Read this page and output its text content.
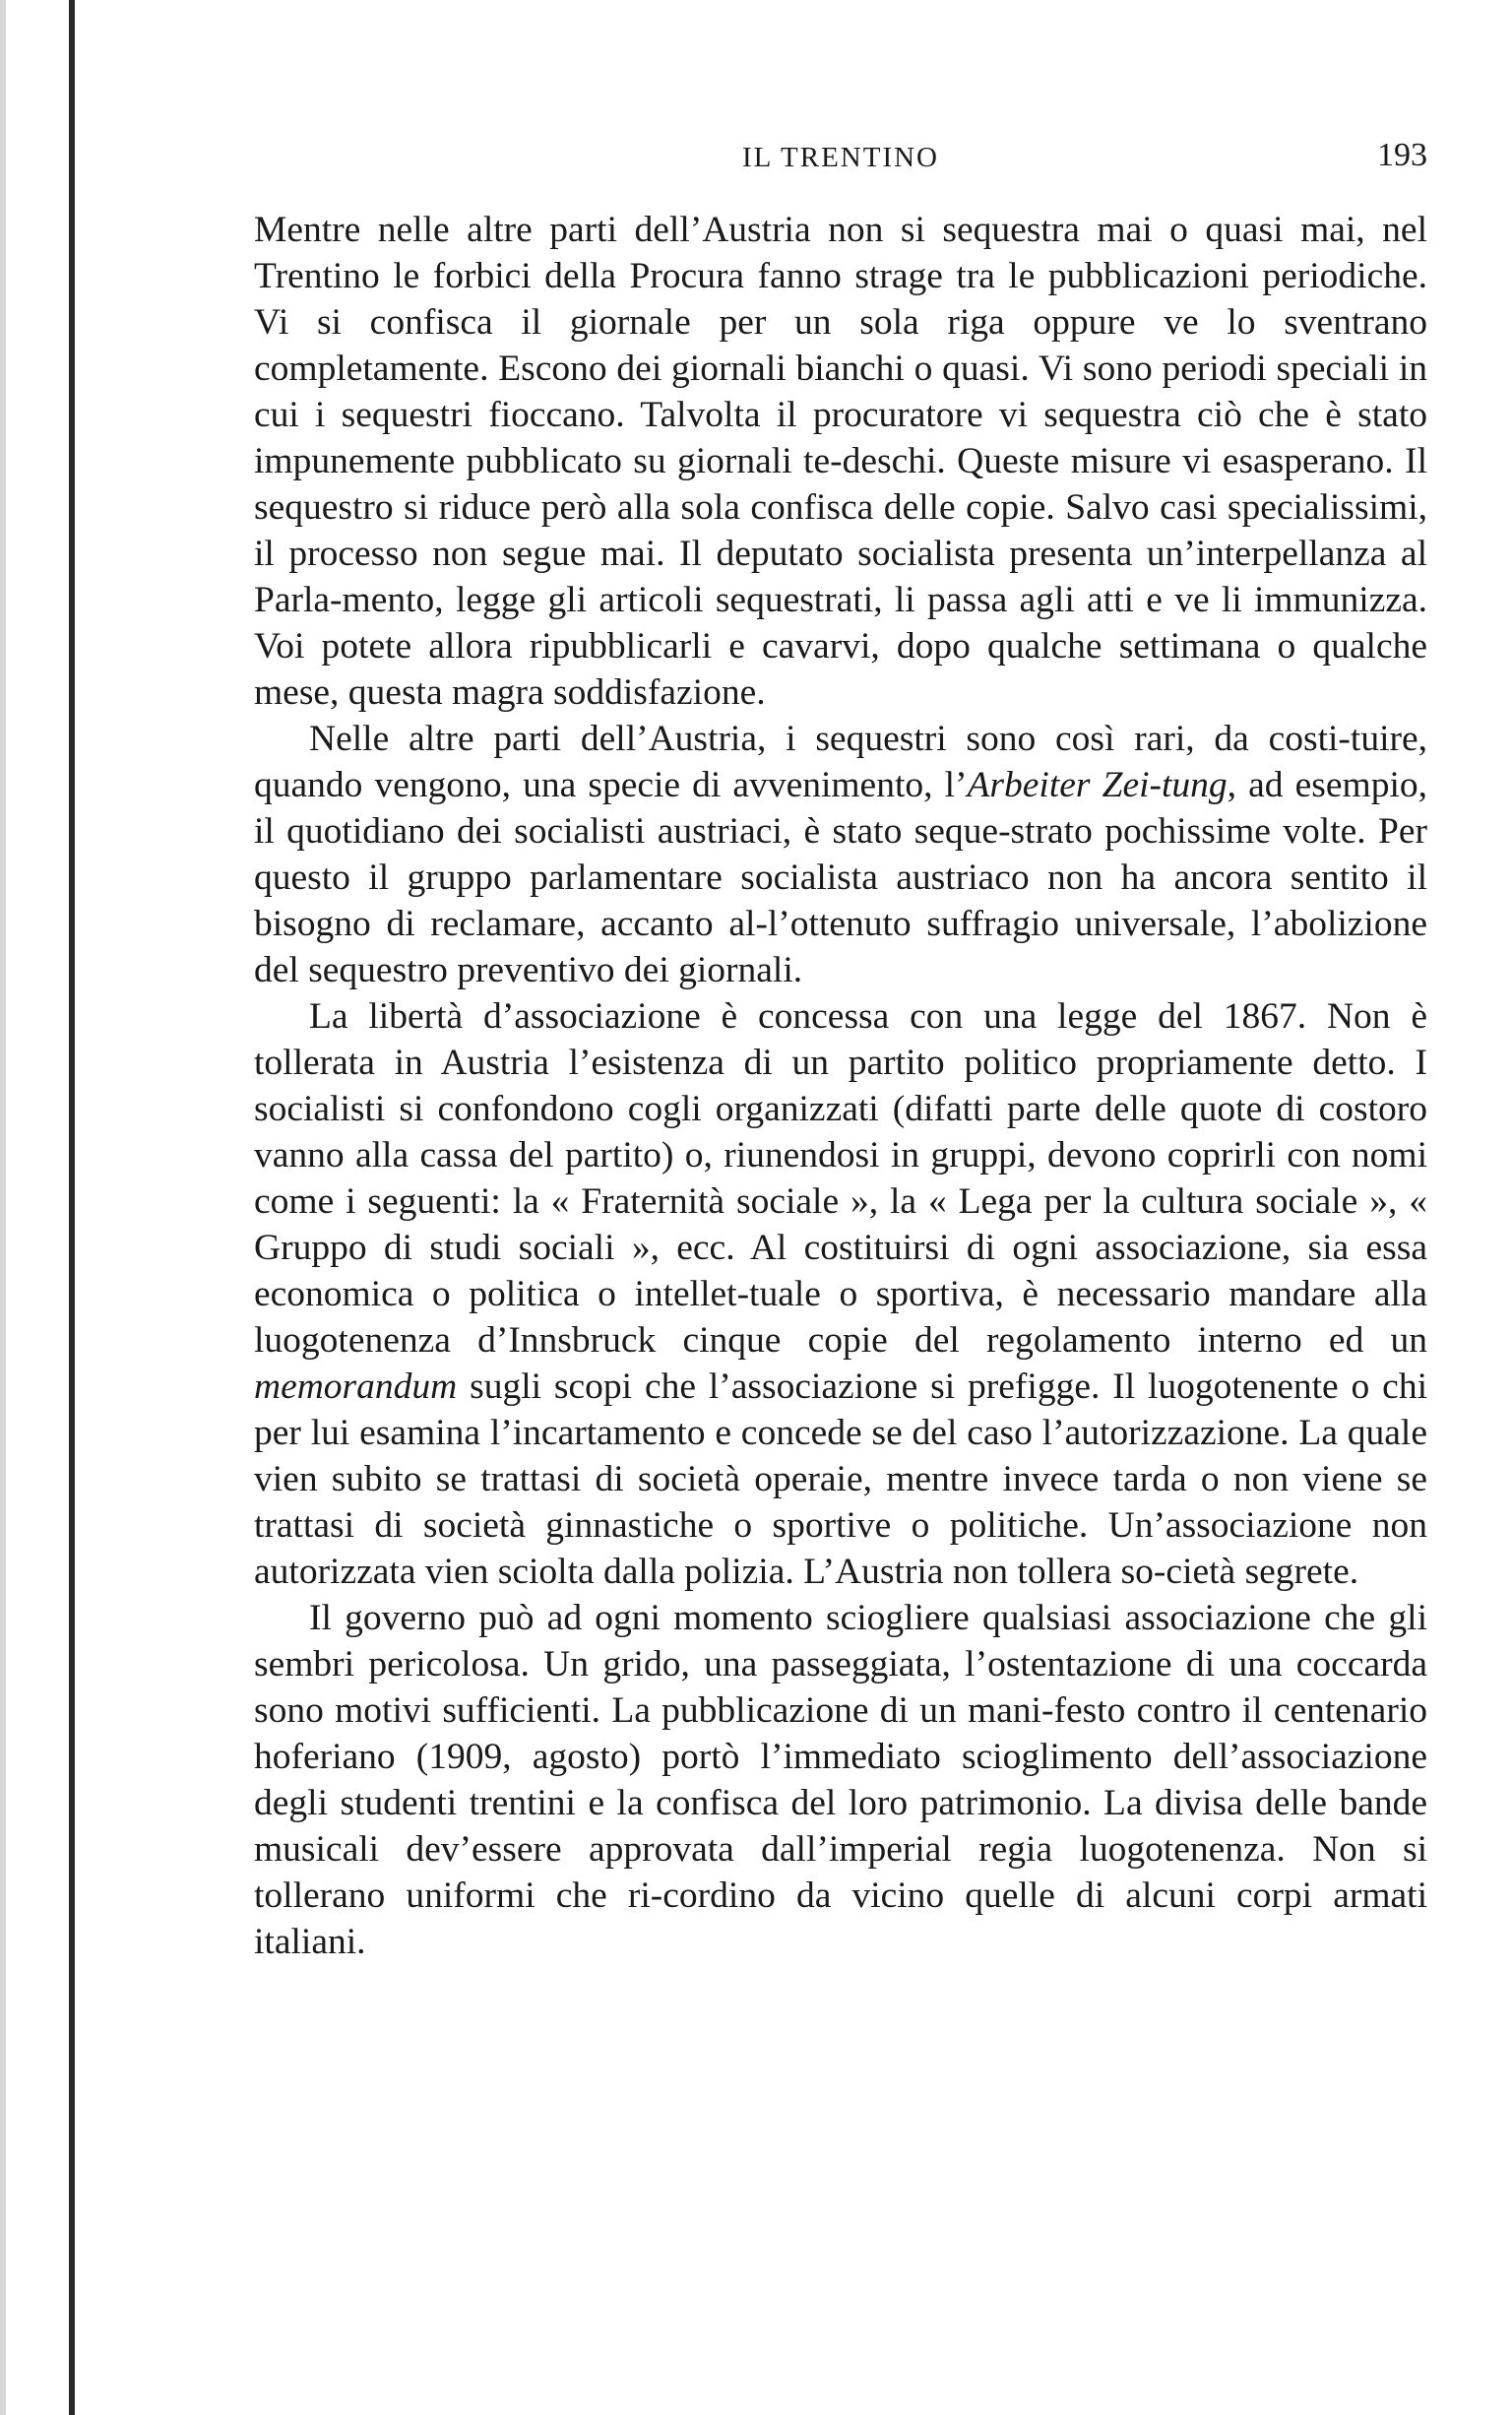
IL TRENTINO	193

Mentre nelle altre parti dell’Austria non si sequestra mai o quasi mai, nel Trentino le forbici della Procura fanno strage tra le pubblicazioni periodiche. Vi si confisca il giornale per un sola riga oppure ve lo sventrano completamente. Escono dei giornali bianchi o quasi. Vi sono periodi speciali in cui i sequestri fioccano. Talvolta il procuratore vi sequestra ciò che è stato impunemente pubblicato su giornali te-deschi. Queste misure vi esasperano. Il sequestro si riduce però alla sola confisca delle copie. Salvo casi specialissimi, il processo non segue mai. Il deputato socialista presenta un’interpellanza al Parla-mento, legge gli articoli sequestrati, li passa agli atti e ve li immunizza. Voi potete allora ripubblicarli e cavarvi, dopo qualche settimana o qualche mese, questa magra soddisfazione.

Nelle altre parti dell’Austria, i sequestri sono così rari, da costi-tuire, quando vengono, una specie di avvenimento, l’Arbeiter Zei-tung, ad esempio, il quotidiano dei socialisti austriaci, è stato seque-strato pochissime volte. Per questo il gruppo parlamentare socialista austriaco non ha ancora sentito il bisogno di reclamare, accanto al-l’ottenuto suffragio universale, l’abolizione del sequestro preventivo dei giornali.

La libertà d’associazione è concessa con una legge del 1867. Non è tollerata in Austria l’esistenza di un partito politico propriamente detto. I socialisti si confondono cogli organizzati (difatti parte delle quote di costoro vanno alla cassa del partito) o, riunendosi in gruppi, devono coprirli con nomi come i seguenti: la « Fraternità sociale », la « Lega per la cultura sociale », « Gruppo di studi sociali », ecc. Al costituirsi di ogni associazione, sia essa economica o politica o intellet-tuale o sportiva, è necessario mandare alla luogotenenza d’Innsbruck cinque copie del regolamento interno ed un memorandum sugli scopi che l’associazione si prefigge. Il luogotenente o chi per lui esamina l’incartamento e concede se del caso l’autorizzazione. La quale vien subito se trattasi di società operaie, mentre invece tarda o non viene se trattasi di società ginnastiche o sportive o politiche. Un’associazione non autorizzata vien sciolta dalla polizia. L’Austria non tollera so-cietà segrete.

Il governo può ad ogni momento sciogliere qualsiasi associazione che gli sembri pericolosa. Un grido, una passeggiata, l’ostentazione di una coccarda sono motivi sufficienti. La pubblicazione di un mani-festo contro il centenario hoferiano (1909, agosto) portò l’immediato scioglimento dell’associazione degli studenti trentini e la confisca del loro patrimonio. La divisa delle bande musicali dev’essere approvata dall’imperial regia luogotenenza. Non si tollerano uniformi che ri-cordino da vicino quelle di alcuni corpi armati italiani.
